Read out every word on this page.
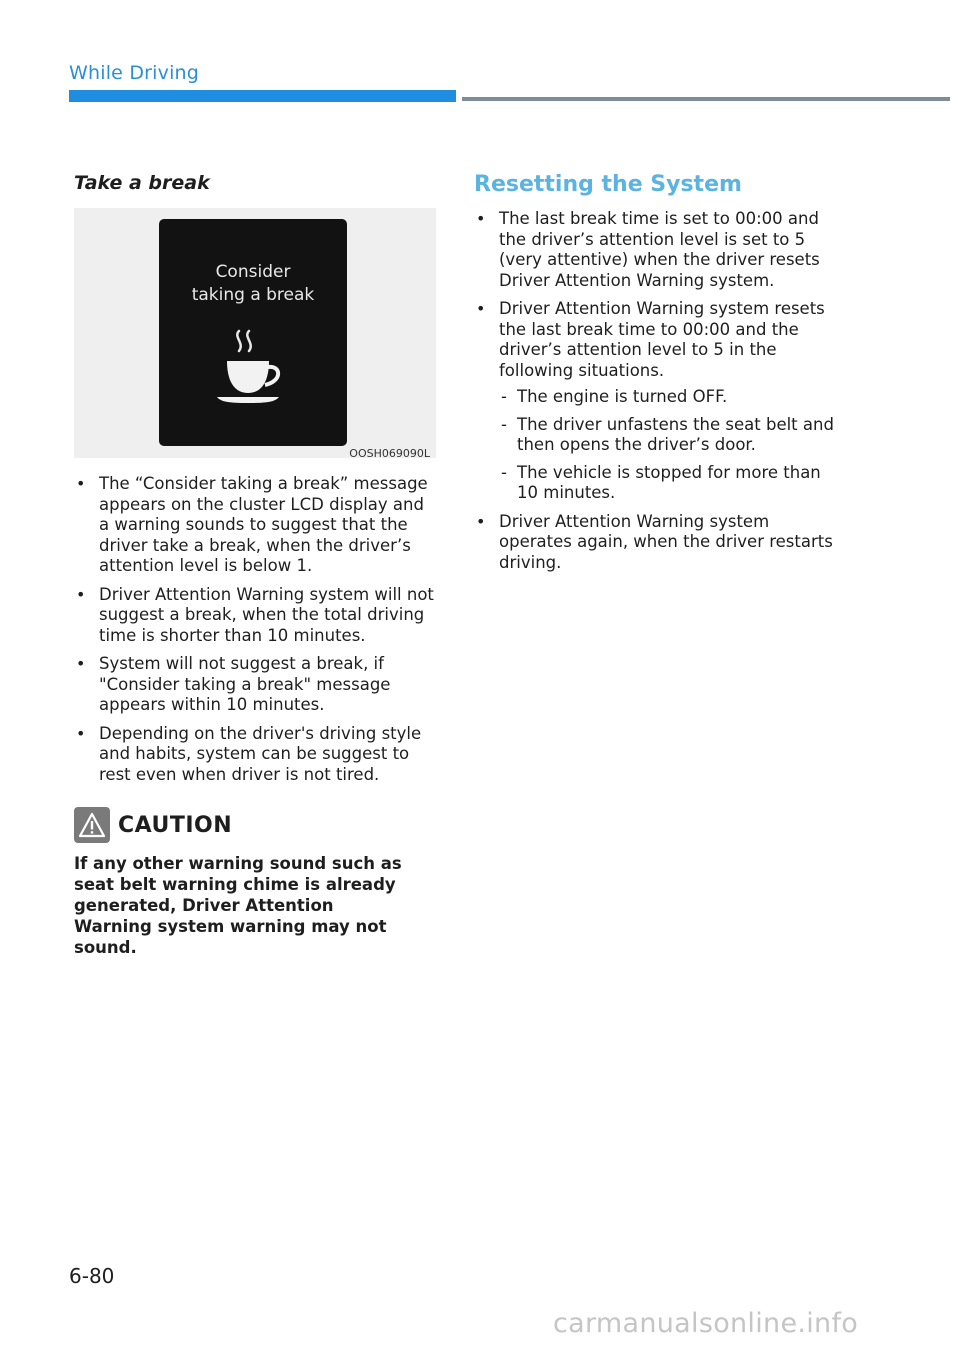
While Driving
Take a break
Consider
taking a break
OOSH069090L
• The “Consider taking a break” message appears on the cluster LCD display and a warning sounds to suggest that the driver take a break, when the driver’s attention level is below 1.
• Driver Attention Warning system will not suggest a break, when the total driving time is shorter than 10 minutes.
• System will not suggest a break, if "Consider taking a break" message appears within 10 minutes.
• Depending on the driver's driving style and habits, system can be suggest to rest even when driver is not tired.
CAUTION
If any other warning sound such as seat belt warning chime is already generated, Driver Attention Warning system warning may not sound.
Resetting the System
• The last break time is set to 00:00 and the driver’s attention level is set to 5 (very attentive) when the driver resets Driver Attention Warning system.
• Driver Attention Warning system resets the last break time to 00:00 and the driver’s attention level to 5 in the following situations.
- The engine is turned OFF.
- The driver unfastens the seat belt and then opens the driver’s door.
- The vehicle is stopped for more than 10 minutes.
• Driver Attention Warning system operates again, when the driver restarts driving.
6-80
carmanualsonline.info
